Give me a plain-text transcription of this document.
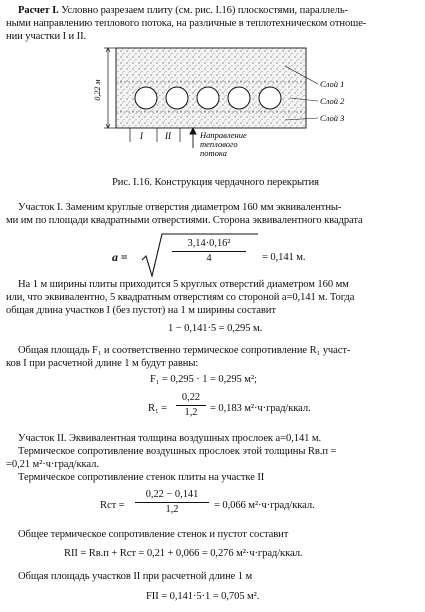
Расчет I. Условно разрезаем плиту (см. рис. I.16) плоскостями, параллель-
ными направлению теплового потока, на различные в теплотехническом отноше-
нии участки I и II.
0,22 м	Слой 1
Слой 2
Слой 3
I II	Направление
теплового
потока
Рис. I.16. Конструкция чердачного перекрытия
Участок I. Заменим круглые отверстия диаметром 160 мм эквивалентны-
ми им по площади квадратными отверстиями. Сторона эквивалентного квадрата
a =	$\frac{\text{3,14·0,16²}}{4} = 0,141$ м.
На 1 м ширины плиты приходится 5 круглых отверстий диаметром 160 мм
или, что эквивалентно, 5 квадратным отверстиям со стороной a=0,141 м. Тогда
общая длина участков I (без пустот) на 1 м ширины составит
1 − 0,141·5 = 0,295 м.
Общая площадь F₁ и соответственно термическое сопротивление R₁ участ-
ков I при расчетной длине 1 м будут равны:
F₁ = 0,295 · 1 = 0,295 м²;
$R_1 = \frac{0,22}{1,2} = 0,183$ м²·ч·град/ккал.
Участок II. Эквивалентная толщина воздушных прослоек a=0,141 м.
Термическое сопротивление воздушных прослоек этой толщины Rв.п =
=0,21 м²·ч·град/ккал.
Термическое сопротивление стенок плиты на участке II
Rст = $\frac{0,22 - 0,141}{1,2} = 0,066$ м²·ч·град/ккал.
Общее термическое сопротивление стенок и пустот составит
RII = Rв.п + Rст = 0,21 + 0,066 = 0,276 м²·ч·град/ккал.
Общая площадь участков II при расчетной длине 1 м
FII = 0,141·5·1 = 0,705 м².
